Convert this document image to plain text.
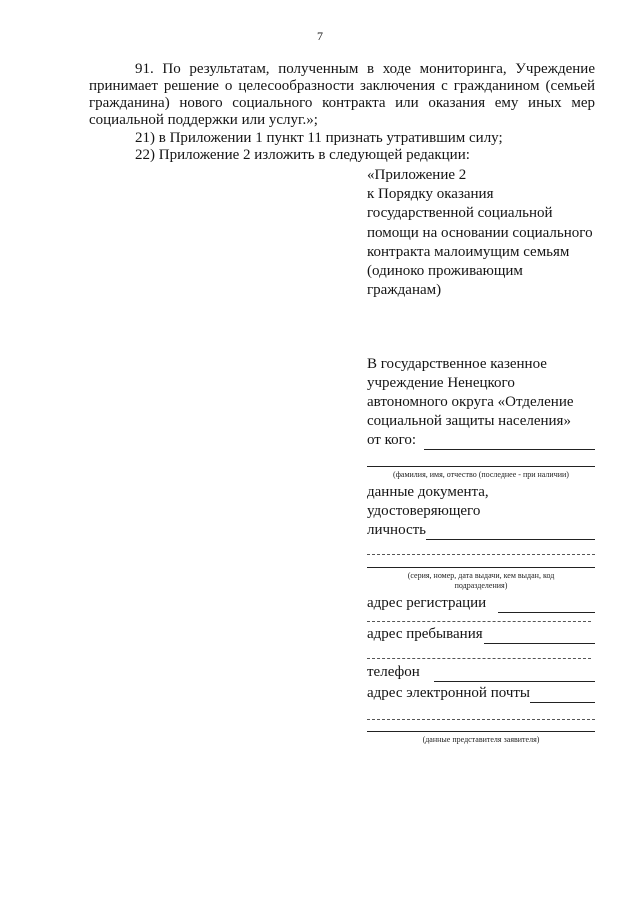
7
91. По результатам, полученным в ходе мониторинга, Учреждение принимает решение о целесообразности заключения с гражданином (семьей гражданина) нового социального контракта или оказания ему иных мер социальной поддержки или услуг.»;
21) в Приложении 1 пункт 11 признать утратившим силу;
22) Приложение 2 изложить в следующей редакции:
«Приложение 2
к Порядку оказания
государственной социальной
помощи на основании социального
контракта малоимущим семьям
(одиноко проживающим
гражданам)
В государственное казенное
учреждение Ненецкого
автономного округа «Отделение
социальной защиты населения»
от кого:
(фамилия, имя, отчество (последнее - при наличии)
данные документа,
удостоверяющего
личность
(серия, номер, дата выдачи, кем выдан, код
подразделения)
адрес регистрации
адрес пребывания
телефон
адрес электронной почты
(данные представителя заявителя)
